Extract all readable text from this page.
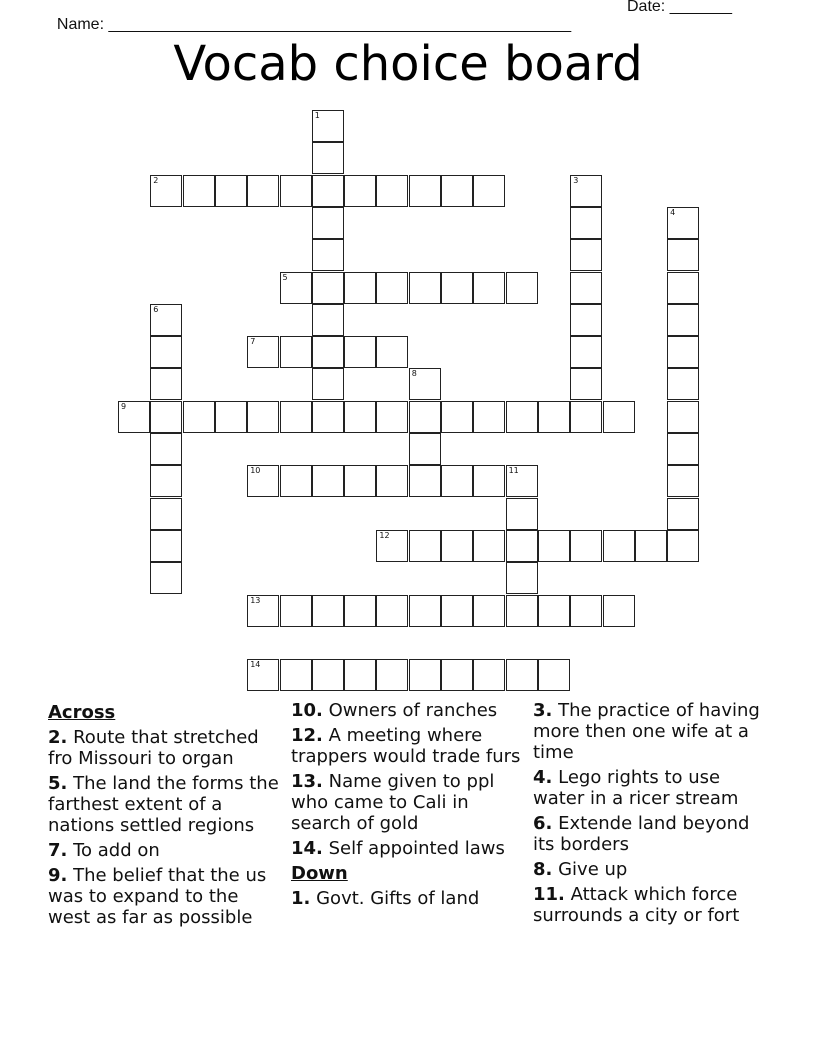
Name: ____________________________________________________

Date: _______

Vocab choice board
1
2	3
4
5
6
7
8
9
10	11
12
13
14
Across
2. Route that stretched fro Missouri to organ
5. The land the forms the farthest extent of a nations settled regions
7. To add on
9. The belief that the us was to expand to the west as far as possible
10. Owners of ranches
12. A meeting where trappers would trade furs
13. Name given to ppl who came to Cali in search of gold
14. Self appointed laws
Down
1. Govt. Gifts of land
3. The practice of having more then one wife at a time
4. Lego rights to use water in a ricer stream
6. Extende land beyond its borders
8. Give up
11. Attack which force surrounds a city or fort
